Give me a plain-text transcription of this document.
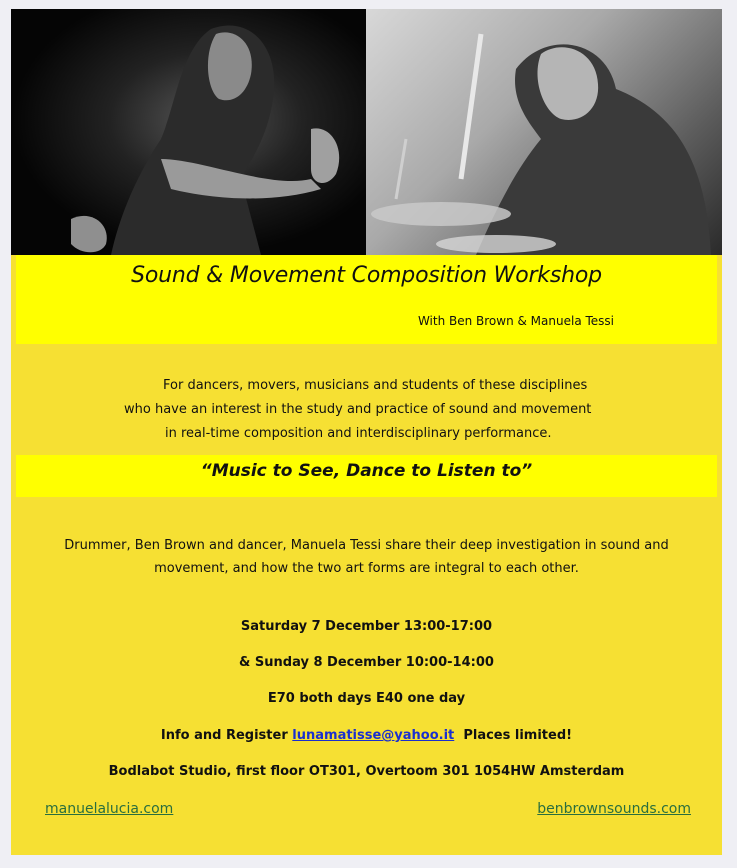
Sound & Movement Composition Workshop
With Ben Brown & Manuela Tessi
For dancers, movers, musicians and students of these disciplines
who have an interest in the study and practice of sound and movement
in real-time composition and interdisciplinary performance.
“Music to See, Dance to Listen to”
Drummer, Ben Brown and dancer, Manuela Tessi share their deep investigation in sound and movement, and how the two art forms are integral to each other.
Saturday 7 December 13:00-17:00
& Sunday 8 December 10:00-14:00
E70 both days E40 one day
Info and Register lunamatisse@yahoo.it Places limited!
Bodlabot Studio, first floor OT301, Overtoom 301 1054HW Amsterdam
manuelalucia.com	benbrownsounds.com
